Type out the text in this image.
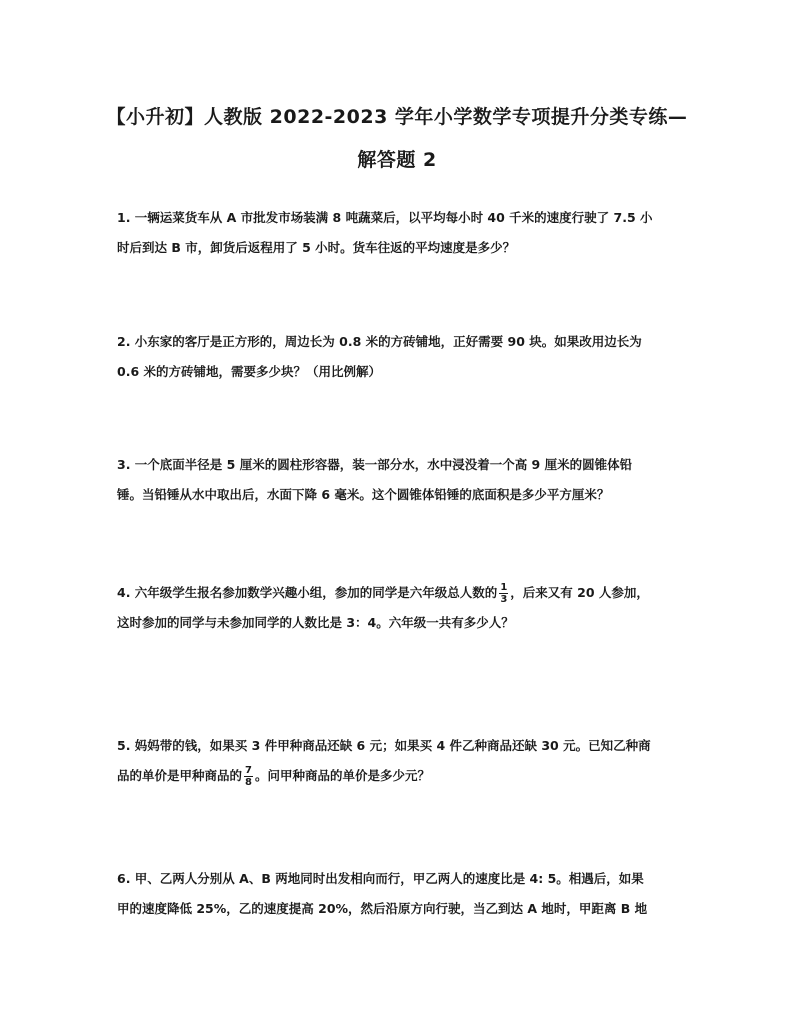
【小升初】人教版 2022-2023 学年小学数学专项提升分类专练—
解答题 2
1. 一辆运菜货车从 A 市批发市场装满 8 吨蔬菜后，以平均每小时 40 千米的速度行驶了 7.5 小
时后到达 B 市，卸货后返程用了 5 小时。货车往返的平均速度是多少？
2. 小东家的客厅是正方形的，周边长为 0.8 米的方砖铺地，正好需要 90 块。如果改用边长为
0.6 米的方砖铺地，需要多少块？（用比例解）
3. 一个底面半径是 5 厘米的圆柱形容器，装一部分水，水中浸没着一个高 9 厘米的圆锥体铅
锤。当铅锤从水中取出后，水面下降 6 毫米。这个圆锥体铅锤的底面积是多少平方厘米？
4. 六年级学生报名参加数学兴趣小组，参加的同学是六年级总人数的 $\frac{1}{3}$ ，后来又有 20 人参加，
这时参加的同学与未参加同学的人数比是 3：4。六年级一共有多少人？
5. 妈妈带的钱，如果买 3 件甲种商品还缺 6 元；如果买 4 件乙种商品还缺 30 元。已知乙种商
品的单价是甲种商品的 $\frac{7}{8}$ 。问甲种商品的单价是多少元？
6. 甲、乙两人分别从 A、B 两地同时出发相向而行，甲乙两人的速度比是 4: 5。相遇后，如果
甲的速度降低 25%，乙的速度提高 20%，然后沿原方向行驶，当乙到达 A 地时，甲距离 B 地
